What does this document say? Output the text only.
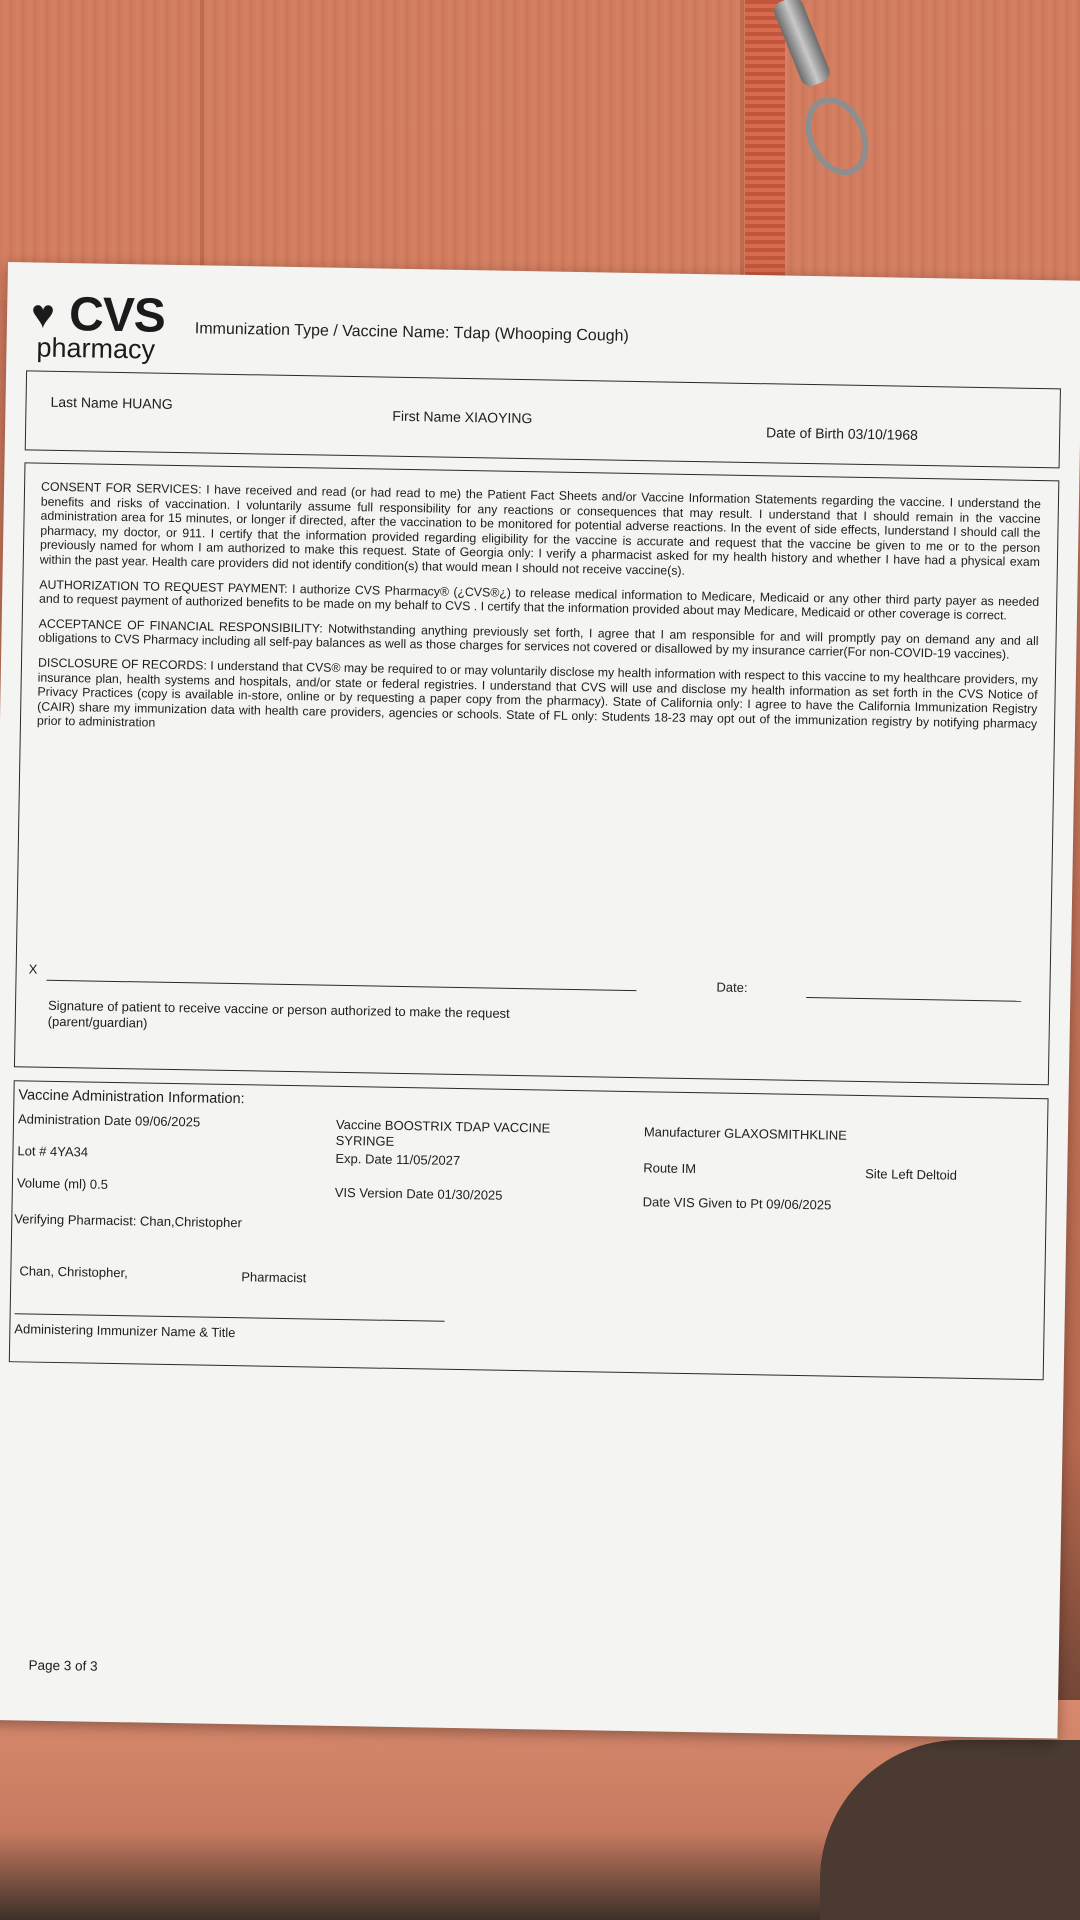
♥ CVS
pharmacy Immunization Type / Vaccine Name: Tdap (Whooping Cough)
Last Name HUANG
First Name XIAOYING
Date of Birth 03/10/1968

CONSENT FOR SERVICES: I have received and read (or had read to me) the Patient Fact Sheets and/or Vaccine Information Statements regarding the vaccine. I understand the benefits and risks of vaccination. I voluntarily assume full responsibility for any reactions or consequences that may result. I understand that I should remain in the vaccine administration area for 15 minutes, or longer if directed, after the vaccination to be monitored for potential adverse reactions. In the event of side effects, Iunderstand I should call the pharmacy, my doctor, or 911. I certify that the information provided regarding eligibility for the vaccine is accurate and request that the vaccine be given to me or to the person previously named for whom I am authorized to make this request. State of Georgia only: I verify a pharmacist asked for my health history and whether I have had a physical exam within the past year. Health care providers did not identify condition(s) that would mean I should not receive vaccine(s).

AUTHORIZATION TO REQUEST PAYMENT: I authorize CVS Pharmacy® (¿CVS®¿) to release medical information to Medicare, Medicaid or any other third party payer as needed and to request payment of authorized benefits to be made on my behalf to CVS . I certify that the information provided about may Medicare, Medicaid or other coverage is correct.

ACCEPTANCE OF FINANCIAL RESPONSIBILITY: Notwithstanding anything previously set forth, I agree that I am responsible for and will promptly pay on demand any and all obligations to CVS Pharmacy including all self-pay balances as well as those charges for services not covered or disallowed by my insurance carrier(For non-COVID-19 vaccines).

DISCLOSURE OF RECORDS: I understand that CVS® may be required to or may voluntarily disclose my health information with respect to this vaccine to my healthcare providers, my insurance plan, health systems and hospitals, and/or state or federal registries. I understand that CVS will use and disclose my health information as set forth in the CVS Notice of Privacy Practices (copy is available in-store, online or by requesting a paper copy from the pharmacy). State of California only: I agree to have the California Immunization Registry (CAIR) share my immunization data with health care providers, agencies or schools. State of FL only: Students 18-23 may opt out of the immunization registry by notifying pharmacy prior to administration

X
Date:
Signature of patient to receive vaccine or person authorized to make the request (parent/guardian)
Vaccine Administration Information:
Administration Date 09/06/2025	Vaccine BOOSTRIX TDAP VACCINE SYRINGE	Manufacturer GLAXOSMITHKLINE
Lot # 4YA34	Exp. Date 11/05/2027
Route IM	Site Left Deltoid
Volume (ml) 0.5
VIS Version Date 01/30/2025
Date VIS Given to Pt 09/06/2025
Verifying Pharmacist: Chan,Christopher
Chan, Christopher,	Pharmacist
Administering Immunizer Name & Title
Page 3 of 3
